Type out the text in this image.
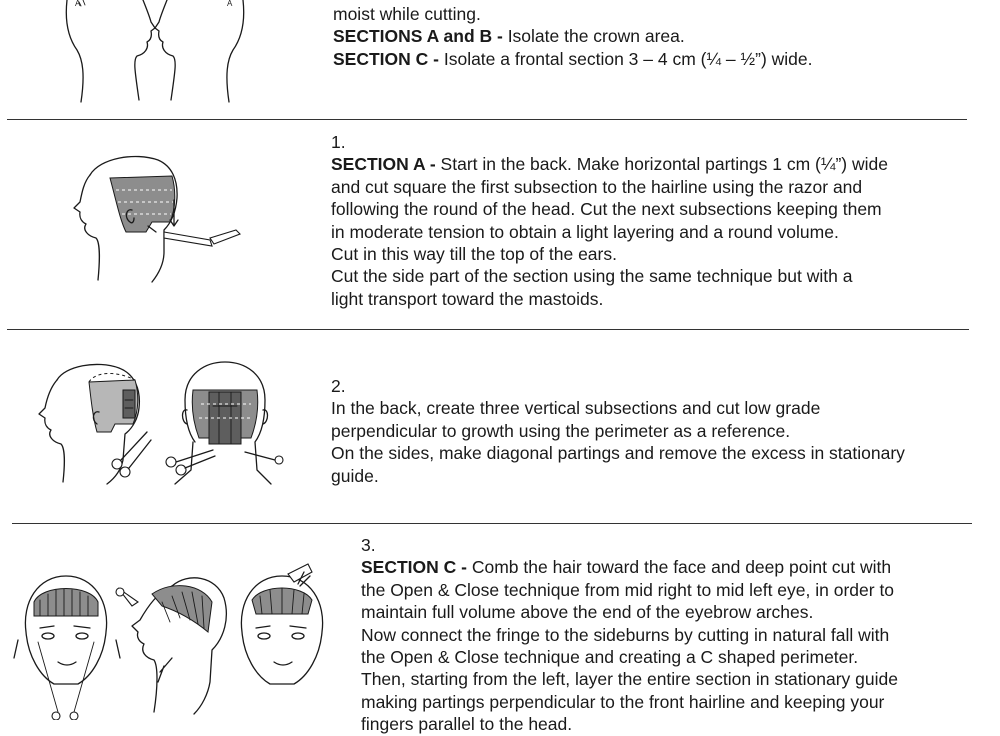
A	A

moist while cutting.

SECTIONS A and B - Isolate the crown area.

SECTION C - Isolate a frontal section 3 – 4 cm (¼ – ½”) wide.

1.

SECTION A - Start in the back. Make horizontal partings 1 cm (¼”) wide

and cut square the first subsection to the hairline using the razor and

following the round of the head. Cut the next subsections keeping them

in moderate tension to obtain a light layering and a round volume.

Cut in this way till the top of the ears.

Cut the side part of the section using the same technique but with a

light transport toward the mastoids.

2.

In the back, create three vertical subsections and cut low grade

perpendicular to growth using the perimeter as a reference.

On the sides, make diagonal partings and remove the excess in stationary

guide.

3.

SECTION C - Comb the hair toward the face and deep point cut with

the Open & Close technique from mid right to mid left eye, in order to

maintain full volume above the end of the eyebrow arches.

Now connect the fringe to the sideburns by cutting in natural fall with

the Open & Close technique and creating a C shaped perimeter.

Then, starting from the left, layer the entire section in stationary guide

making partings perpendicular to the front hairline and keeping your

fingers parallel to the head.
